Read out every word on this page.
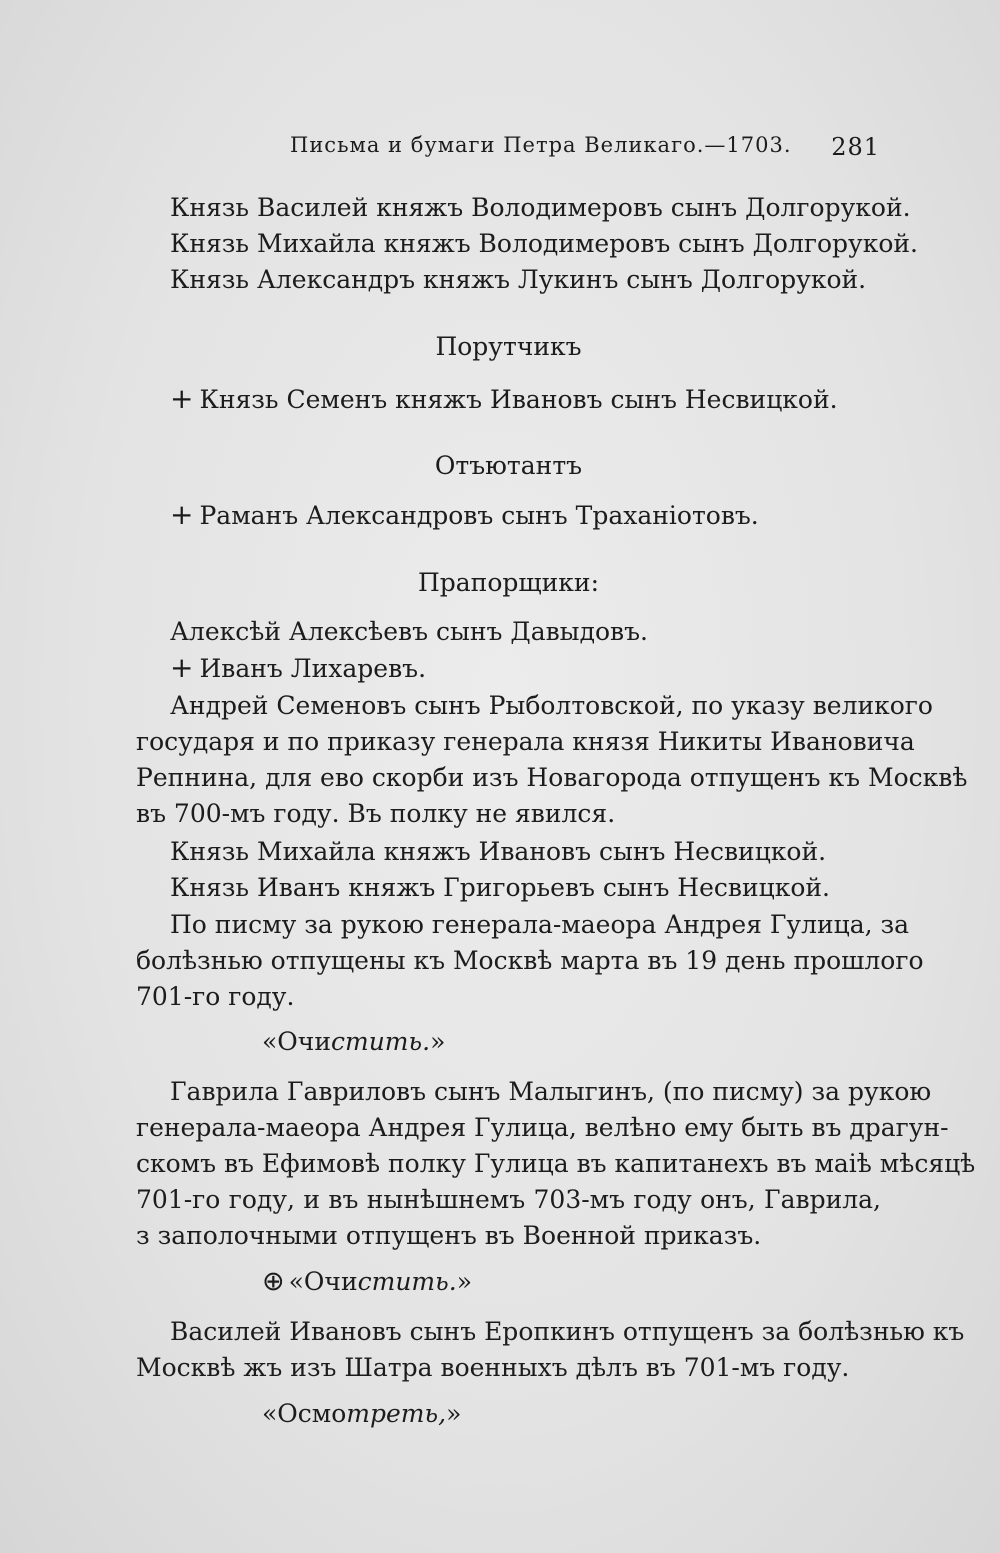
Письма и бумаги Петра Великаго.—1703. 281
Князь Василей княжъ Володимеровъ сынъ Долгорукой.
Князь Михайла княжъ Володимеровъ сынъ Долгорукой.
Князь Александръ княжъ Лукинъ сынъ Долгорукой.
Порутчикъ
+ Князь Семенъ княжъ Ивановъ сынъ Несвицкой.
Отъютантъ
+ Раманъ Александровъ сынъ Траханіотовъ.
Прапорщики:
Алексѣй Алексѣевъ сынъ Давыдовъ.
+ Иванъ Лихаревъ.
Андрей Семеновъ сынъ Рыболтовской, по указу великого
государя и по приказу генерала князя Никиты Ивановича
Репнина, для ево скорби изъ Новагорода отпущенъ къ Москвѣ
въ 700-мъ году. Въ полку не явился.
Князь Михайла княжъ Ивановъ сынъ Несвицкой.
Князь Иванъ княжъ Григорьевъ сынъ Несвицкой.
По писму за рукою генерала-маеора Андрея Гулица, за
болѣзнью отпущены къ Москвѣ марта въ 19 день прошлого
701-го году.
«Очистить.»
Гаврила Гавриловъ сынъ Малыгинъ, (по писму) за рукою
генерала-маеора Андрея Гулица, велѣно ему быть въ драгун-
скомъ въ Ефимовѣ полку Гулица въ капитанехъ въ маіѣ мѣсяцѣ
701-го году, и въ нынѣшнемъ 703-мъ году онъ, Гаврила,
з заполочными отпущенъ въ Военной приказъ.
⊕ «Очистить.»
Василей Ивановъ сынъ Еропкинъ отпущенъ за болѣзнью къ
Москвѣ жъ изъ Шатра военныхъ дѣлъ въ 701-мъ году.
«Осмотреть,»
